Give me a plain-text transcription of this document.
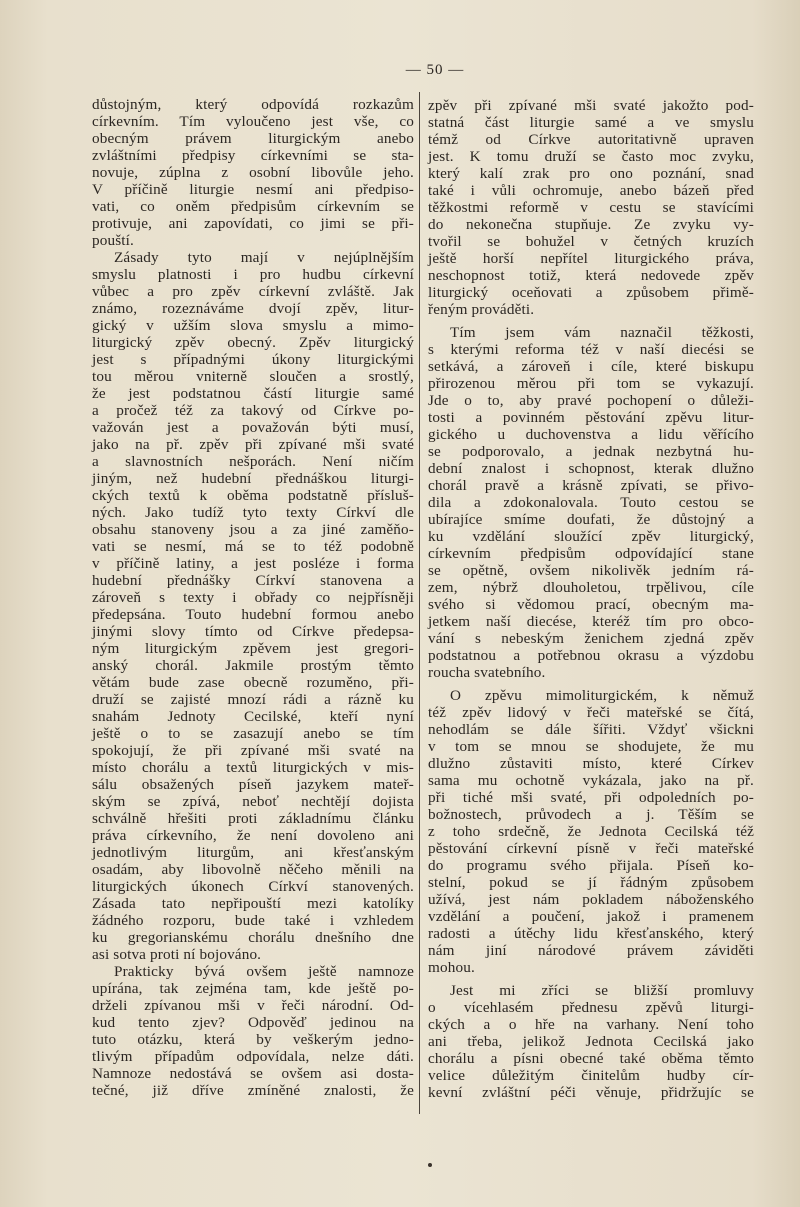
— 50 —
důstojným, který odpovídá rozkazům
církevním. Tím vyloučeno jest vše, co
obecným právem liturgickým anebo
zvláštními předpisy církevními se sta-
novuje, zúplna z osobní libovůle jeho.
V příčině liturgie nesmí ani předpiso-
vati, co oněm předpisům církevním se
protivuje, ani zapovídati, co jimi se při-
pouští.
Zásady tyto mají v nejúplnějším
smyslu platnosti i pro hudbu církevní
vůbec a pro zpěv církevní zvláště. Jak
známo, rozeznáváme dvojí zpěv, litur-
gický v užším slova smyslu a mimo-
liturgický zpěv obecný. Zpěv liturgický
jest s případnými úkony liturgickými
tou měrou vniterně sloučen a srostlý,
že jest podstatnou částí liturgie samé
a pročež též za takový od Církve po-
važován jest a považován býti musí,
jako na př. zpěv při zpívané mši svaté
a slavnostních nešporách. Není ničím
jiným, než hudební přednáškou liturgi-
ckých textů k oběma podstatně přísluš-
ných. Jako tudíž tyto texty Církví dle
obsahu stanoveny jsou a za jiné zaměňo-
vati se nesmí, má se to též podobně
v příčině latiny, a jest posléze i forma
hudební přednášky Církví stanovena a
zároveň s texty i obřady co nejpřísněji
předepsána. Touto hudební formou anebo
jinými slovy tímto od Církve předepsa-
ným liturgickým zpěvem jest gregori-
anský chorál. Jakmile prostým těmto
větám bude zase obecně rozuměno, při-
druží se zajisté mnozí rádi a rázně ku
snahám Jednoty Cecilské, kteří nyní
ještě o to se zasazují anebo se tím
spokojují, že při zpívané mši svaté na
místo chorálu a textů liturgických v mis-
sálu obsažených píseň jazykem mateř-
ským se zpívá, neboť nechtějí dojista
schválně hřešiti proti základnímu článku
práva církevního, že není dovoleno ani
jednotlivým liturgům, ani křesťanským
osadám, aby libovolně něčeho měnili na
liturgických úkonech Církví stanovených.
Zásada tato nepřipouští mezi katolíky
žádného rozporu, bude také i vzhledem
ku gregorianskému chorálu dnešního dne
asi sotva proti ní bojováno.
Prakticky bývá ovšem ještě namnoze
upírána, tak zejména tam, kde ještě po-
drželi zpívanou mši v řeči národní. Od-
kud tento zjev? Odpověď jedinou na
tuto otázku, která by veškerým jedno-
tlivým případům odpovídala, nelze dáti.
Namnoze nedostává se ovšem asi dosta-
tečné, již dříve zmíněné znalosti, že
zpěv při zpívané mši svaté jakožto pod-
statná část liturgie samé a ve smyslu
témž od Církve autoritativně upraven
jest. K tomu druží se často moc zvyku,
který kalí zrak pro ono poznání, snad
také i vůli ochromuje, anebo bázeň před
těžkostmi reformě v cestu se stavícími
do nekonečna stupňuje. Ze zvyku vy-
tvořil se bohužel v četných kruzích
ještě horší nepřítel liturgického práva,
neschopnost totiž, která nedovede zpěv
liturgický oceňovati a způsobem přimě-
řeným prováděti.
Tím jsem vám naznačil těžkosti,
s kterými reforma též v naší diecési se
setkává, a zároveň i cíle, které biskupu
přirozenou měrou při tom se vykazují.
Jde o to, aby pravé pochopení o důleži-
tosti a povinném pěstování zpěvu litur-
gického u duchovenstva a lidu věřícího
se podporovalo, a jednak nezbytná hu-
dební znalost i schopnost, kterak dlužno
chorál pravě a krásně zpívati, se přivo-
dila a zdokonalovala. Touto cestou se
ubírajíce smíme doufati, že důstojný a
ku vzdělání sloužící zpěv liturgický,
církevním předpisům odpovídající stane
se opětně, ovšem nikolivěk jedním rá-
zem, nýbrž dlouholetou, trpělivou, cíle
svého si vědomou prací, obecným ma-
jetkem naší diecése, kteréž tím pro obco-
vání s nebeským ženichem zjedná zpěv
podstatnou a potřebnou okrasu a výzdobu
roucha svatebního.
O zpěvu mimoliturgickém, k němuž
též zpěv lidový v řeči mateřské se čítá,
nehodlám se dále šířiti. Vždyť všickni
v tom se mnou se shodujete, že mu
dlužno zůstaviti místo, které Církev
sama mu ochotně vykázala, jako na př.
při tiché mši svaté, při odpoledních po-
božnostech, průvodech a j. Těším se
z toho srdečně, že Jednota Cecilská též
pěstování církevní písně v řeči mateřské
do programu svého přijala. Píseň ko-
stelní, pokud se jí řádným způsobem
užívá, jest nám pokladem náboženského
vzdělání a poučení, jakož i pramenem
radosti a útěchy lidu křesťanského, který
nám jiní národové právem záviděti
mohou.
Jest mi zříci se bližší promluvy
o vícehlasém přednesu zpěvů liturgi-
ckých a o hře na varhany. Není toho
ani třeba, jelikož Jednota Cecilská jako
chorálu a písni obecné také oběma těmto
velice důležitým činitelům hudby cír-
kevní zvláštní péči věnuje, přidržujíc se
